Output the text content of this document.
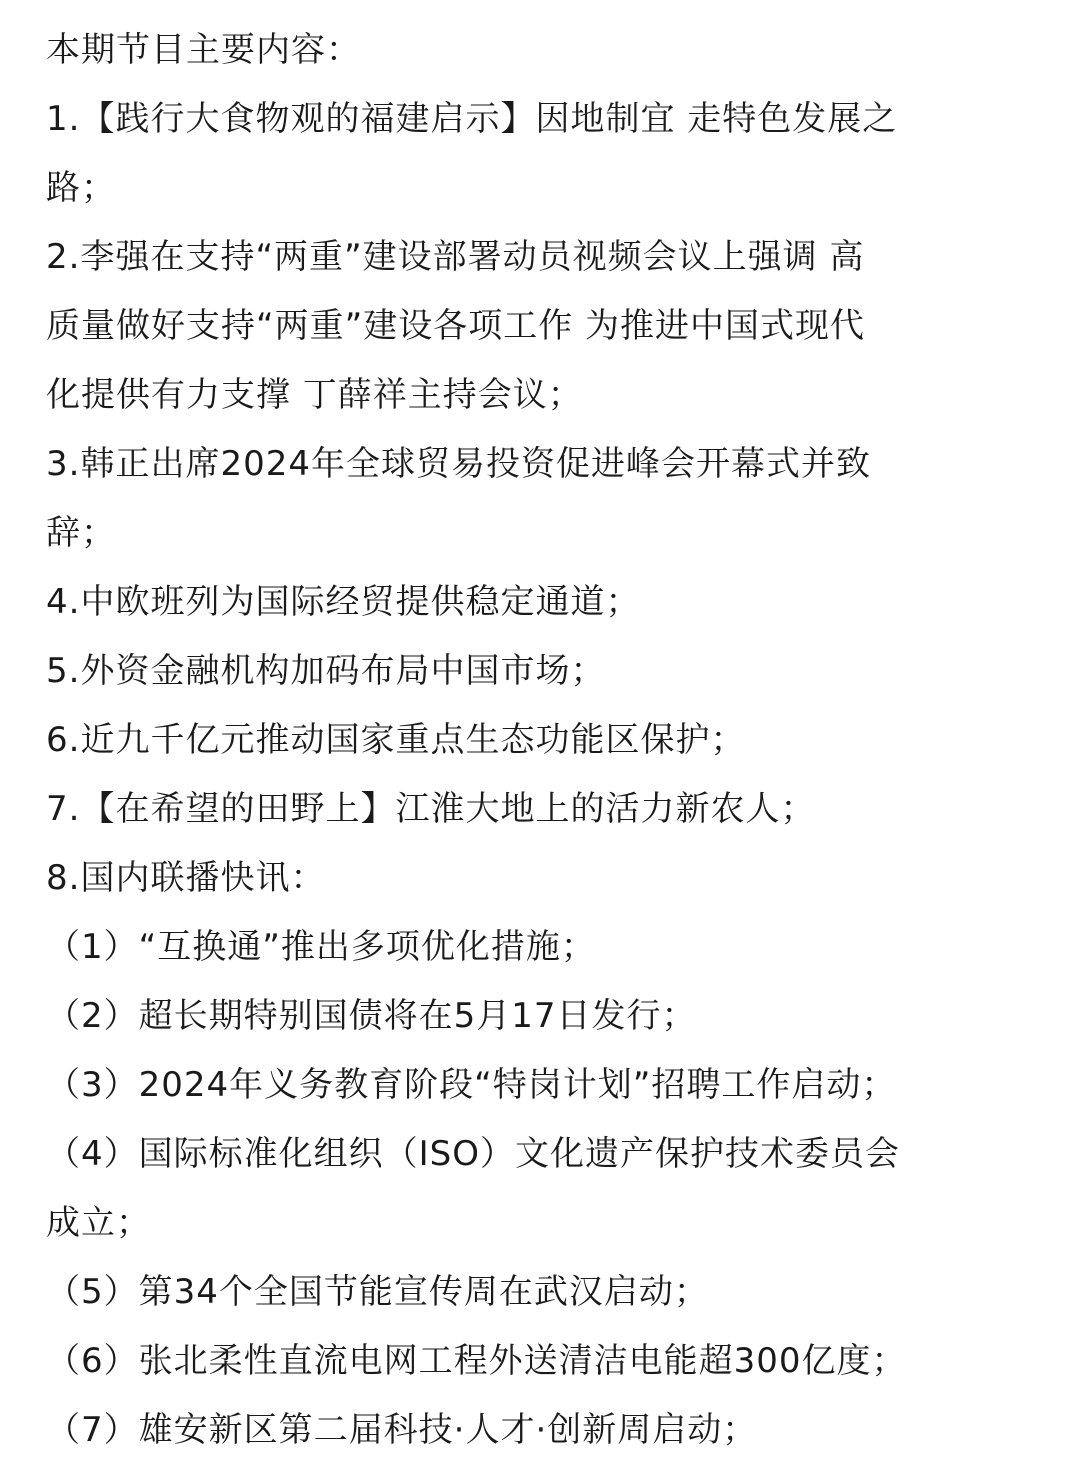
本期节目主要内容：
1.【践行大食物观的福建启示】因地制宜 走特色发展之
路；
2.李强在支持“两重”建设部署动员视频会议上强调 高
质量做好支持“两重”建设各项工作 为推进中国式现代
化提供有力支撑 丁薛祥主持会议；
3.韩正出席2024年全球贸易投资促进峰会开幕式并致
辞；
4.中欧班列为国际经贸提供稳定通道；
5.外资金融机构加码布局中国市场；
6.近九千亿元推动国家重点生态功能区保护；
7.【在希望的田野上】江淮大地上的活力新农人；
8.国内联播快讯：
（1）“互换通”推出多项优化措施；
（2）超长期特别国债将在5月17日发行；
（3）2024年义务教育阶段“特岗计划”招聘工作启动；
（4）国际标准化组织（ISO）文化遗产保护技术委员会
成立；
（5）第34个全国节能宣传周在武汉启动；
（6）张北柔性直流电网工程外送清洁电能超300亿度；
（7）雄安新区第二届科技·人才·创新周启动；
